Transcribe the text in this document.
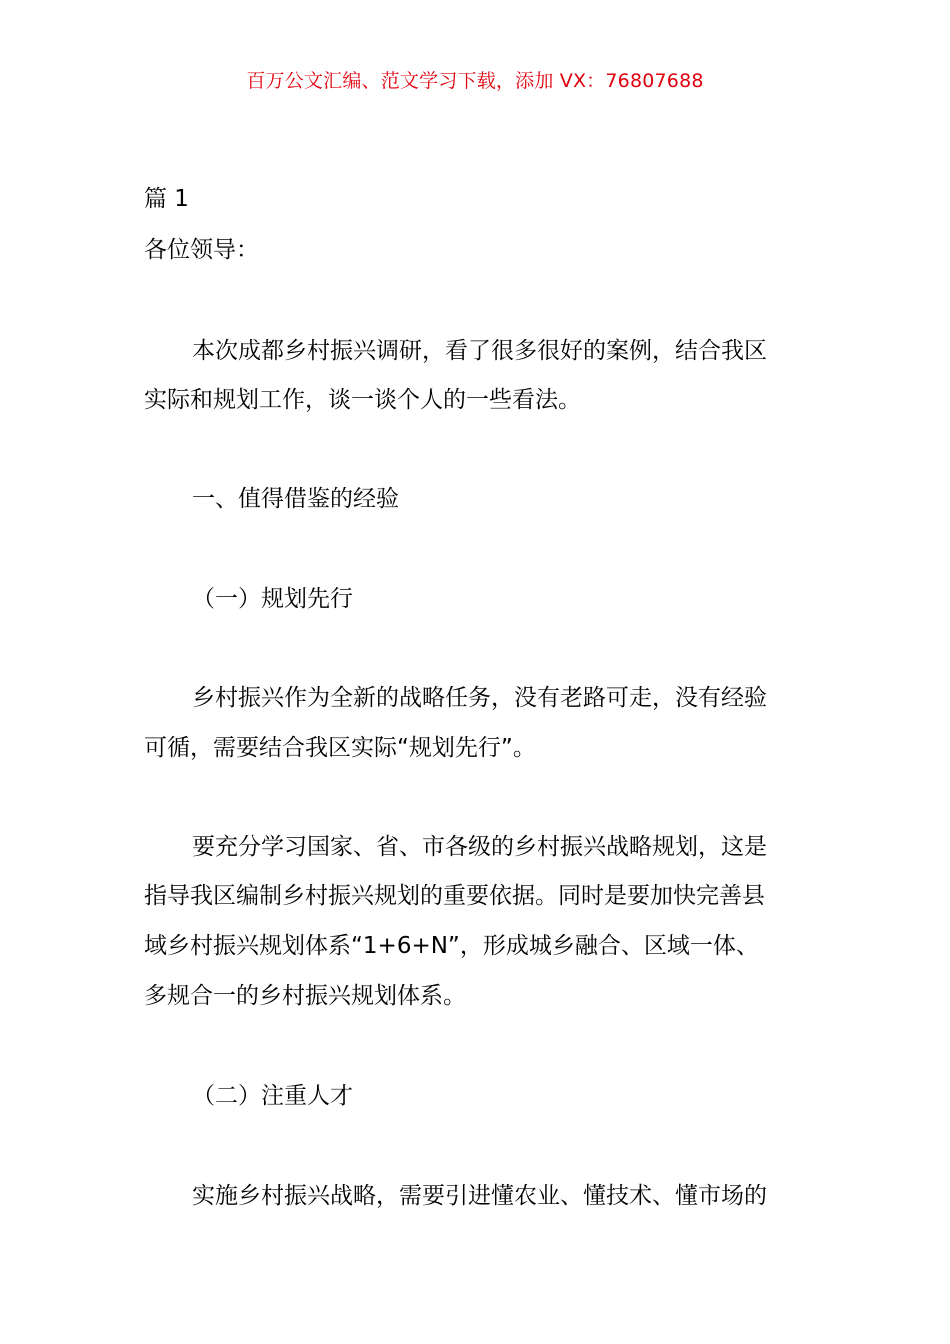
百万公文汇编、范文学习下载，添加 VX：76807688
篇 1
各位领导：
本次成都乡村振兴调研，看了很多很好的案例，结合我区
实际和规划工作，谈一谈个人的一些看法。
一、值得借鉴的经验
（一）规划先行
乡村振兴作为全新的战略任务，没有老路可走，没有经验
可循，需要结合我区实际“规划先行”。
要充分学习国家、省、市各级的乡村振兴战略规划，这是
指导我区编制乡村振兴规划的重要依据。同时是要加快完善县
域乡村振兴规划体系“1+6+N”，形成城乡融合、区域一体、
多规合一的乡村振兴规划体系。
（二）注重人才
实施乡村振兴战略，需要引进懂农业、懂技术、懂市场的
